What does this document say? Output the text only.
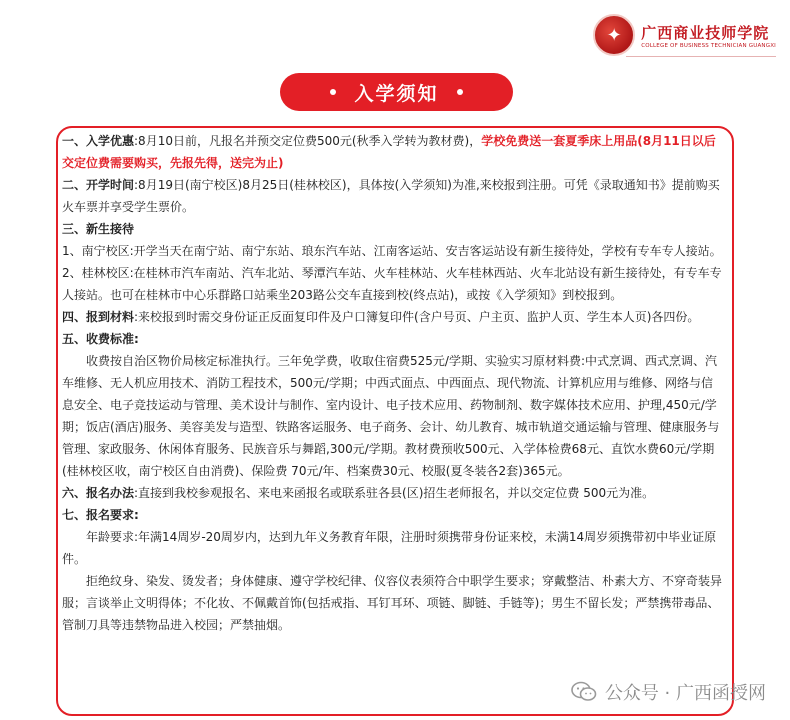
✦	广西商业技师学院
COLLEGE OF BUSINESS TECHNICIAN GUANGXI
入学须知

一、入学优惠:8月10日前，凡报名并预交定位费500元(秋季入学转为教材费)，学校免费送一套夏季床上用品(8月11日以后交定位费需要购买，先报先得，送完为止)

二、开学时间:8月19日(南宁校区)8月25日(桂林校区)，具体按(入学须知)为准,来校报到注册。可凭《录取通知书》提前购买火车票并享受学生票价。

三、新生接待

1、南宁校区:开学当天在南宁站、南宁东站、琅东汽车站、江南客运站、安吉客运站设有新生接待处，学校有专车专人接站。

2、桂林校区:在桂林市汽车南站、汽车北站、琴潭汽车站、火车桂林站、火车桂林西站、火车北站设有新生接待处，有专车专人接站。也可在桂林市中心乐群路口站乘坐203路公交车直接到校(终点站)，或按《入学须知》到校报到。

四、报到材料:来校报到时需交身份证正反面复印件及户口簿复印件(含户号页、户主页、监护人页、学生本人页)各四份。

五、收费标准:

收费按自治区物价局核定标准执行。三年免学费，收取住宿费525元/学期、实验实习原材料费:中式烹调、西式烹调、汽车维修、无人机应用技术、消防工程技术，500元/学期；中西式面点、中西面点、现代物流、计算机应用与维修、网络与信息安全、电子竞技运动与管理、美术设计与制作、室内设计、电子技术应用、药物制剂、数字媒体技术应用、护理,450元/学期；饭店(酒店)服务、美容美发与造型、铁路客运服务、电子商务、会计、幼儿教育、城市轨道交通运输与管理、健康服务与管理、家政服务、休闲体育服务、民族音乐与舞蹈,300元/学期。教材费预收500元、入学体检费68元、直饮水费60元/学期(桂林校区收，南宁校区自由消费)、保险费 70元/年、档案费30元、校服(夏冬装各2套)365元。

六、报名办法:直接到我校参观报名、来电来函报名或联系驻各县(区)招生老师报名，并以交定位费 500元为准。

七、报名要求:

年龄要求:年满14周岁-20周岁内，达到九年义务教育年限，注册时须携带身份证来校，未满14周岁须携带初中毕业证原件。

拒绝纹身、染发、烫发者；身体健康、遵守学校纪律、仪容仪表须符合中职学生要求；穿戴整洁、朴素大方、不穿奇装异服；言谈举止文明得体；不化妆、不佩戴首饰(包括戒指、耳钉耳环、项链、脚链、手链等)；男生不留长发；严禁携带毒品、管制刀具等违禁物品进入校园；严禁抽烟。

公众号 · 广西函授网
